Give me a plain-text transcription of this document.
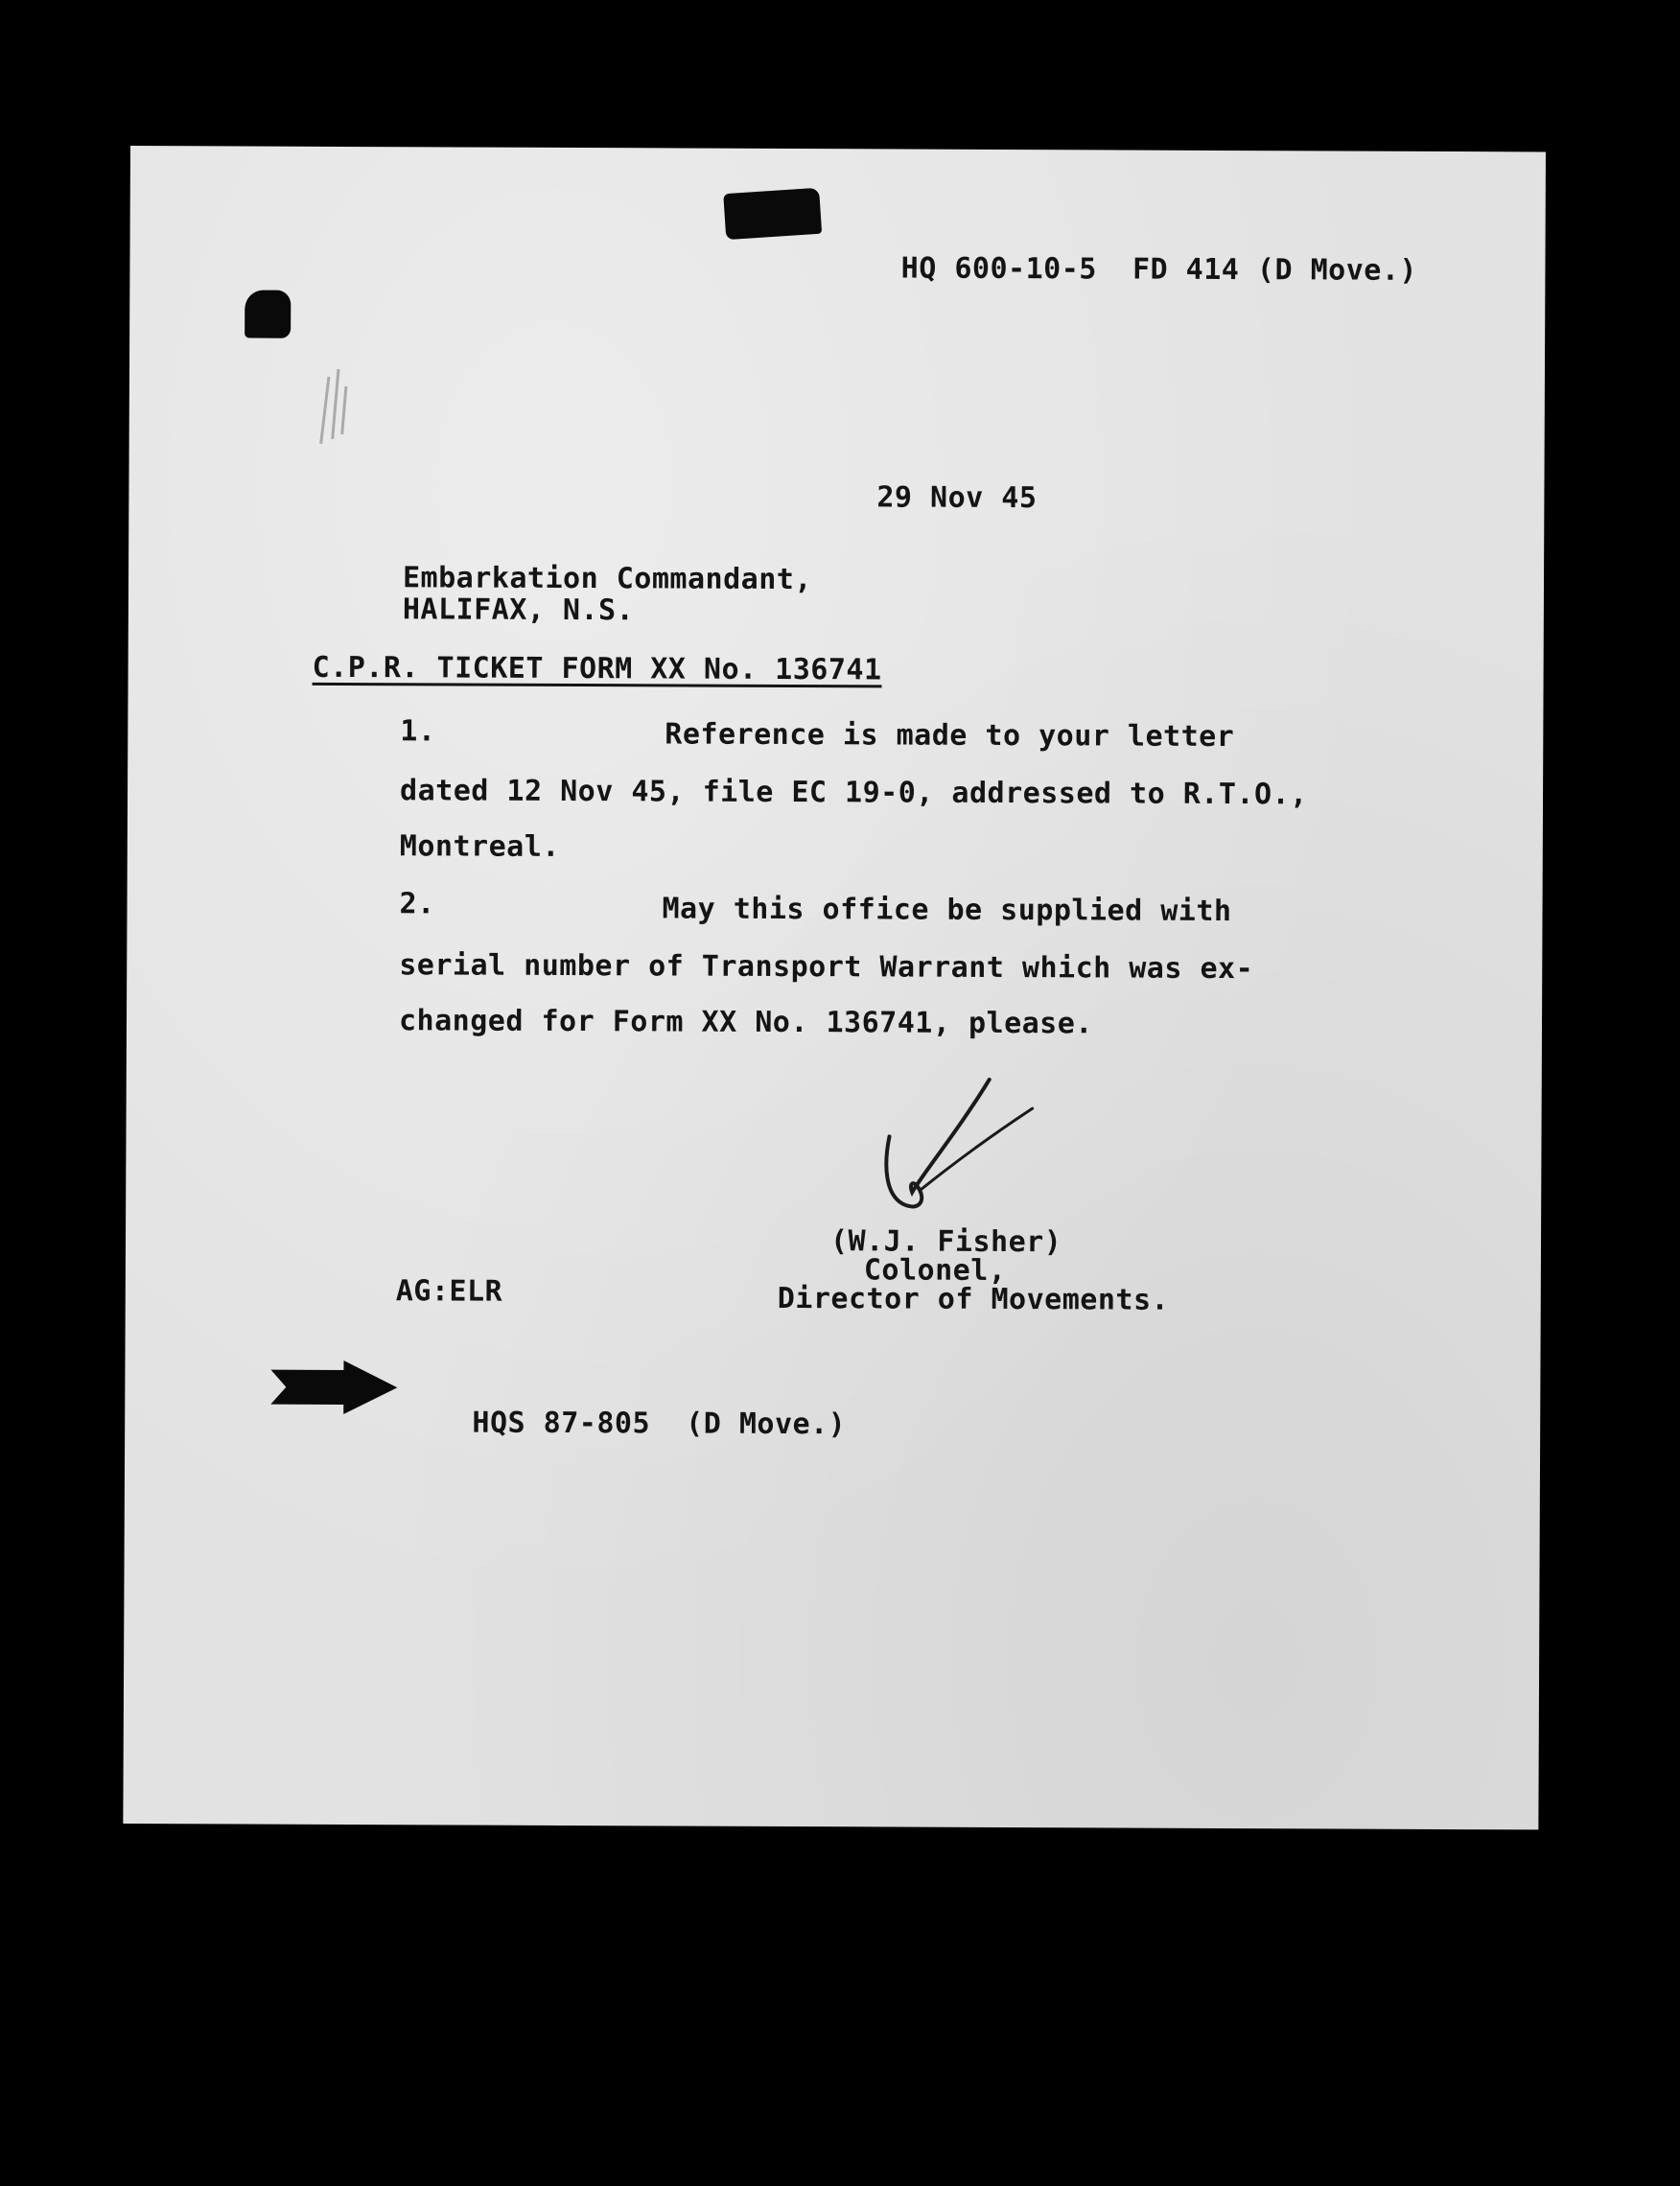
HQ 600-10-5 FD 414 (D Move.)

29 Nov 45
Embarkation Commandant,
HALIFAX, N.S.
C.P.R. TICKET FORM XX No. 136741
1.	Reference is made to your letter
dated 12 Nov 45, file EC 19-0, addressed to R.T.O.,
Montreal.
2.	May this office be supplied with
serial number of Transport Warrant which was ex-
changed for Form XX No. 136741, please.
(W.J. Fisher)
Colonel,
Director of Movements.
AG:ELR

HQS 87-805 (D Move.)
